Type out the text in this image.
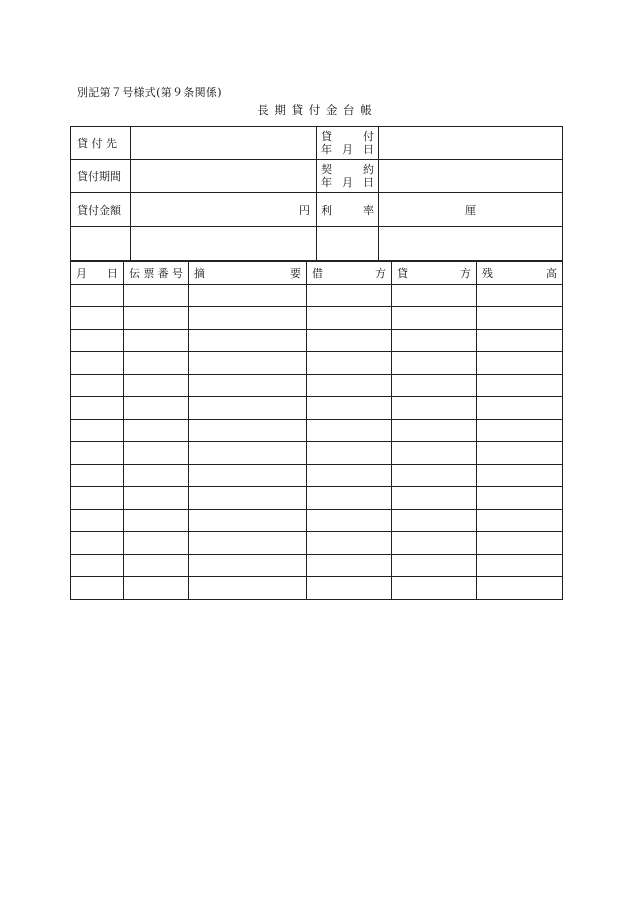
別記第７号様式(第９条関係)
長 期 貸 付 金 台 帳
貸 付 先		貸 付
年 月 日	

貸付期間		契 約
年 月 日	

貸付金額	円	利 率	厘

月 日	伝 票 番 号	摘 要	借 方	貸 方	残 高
